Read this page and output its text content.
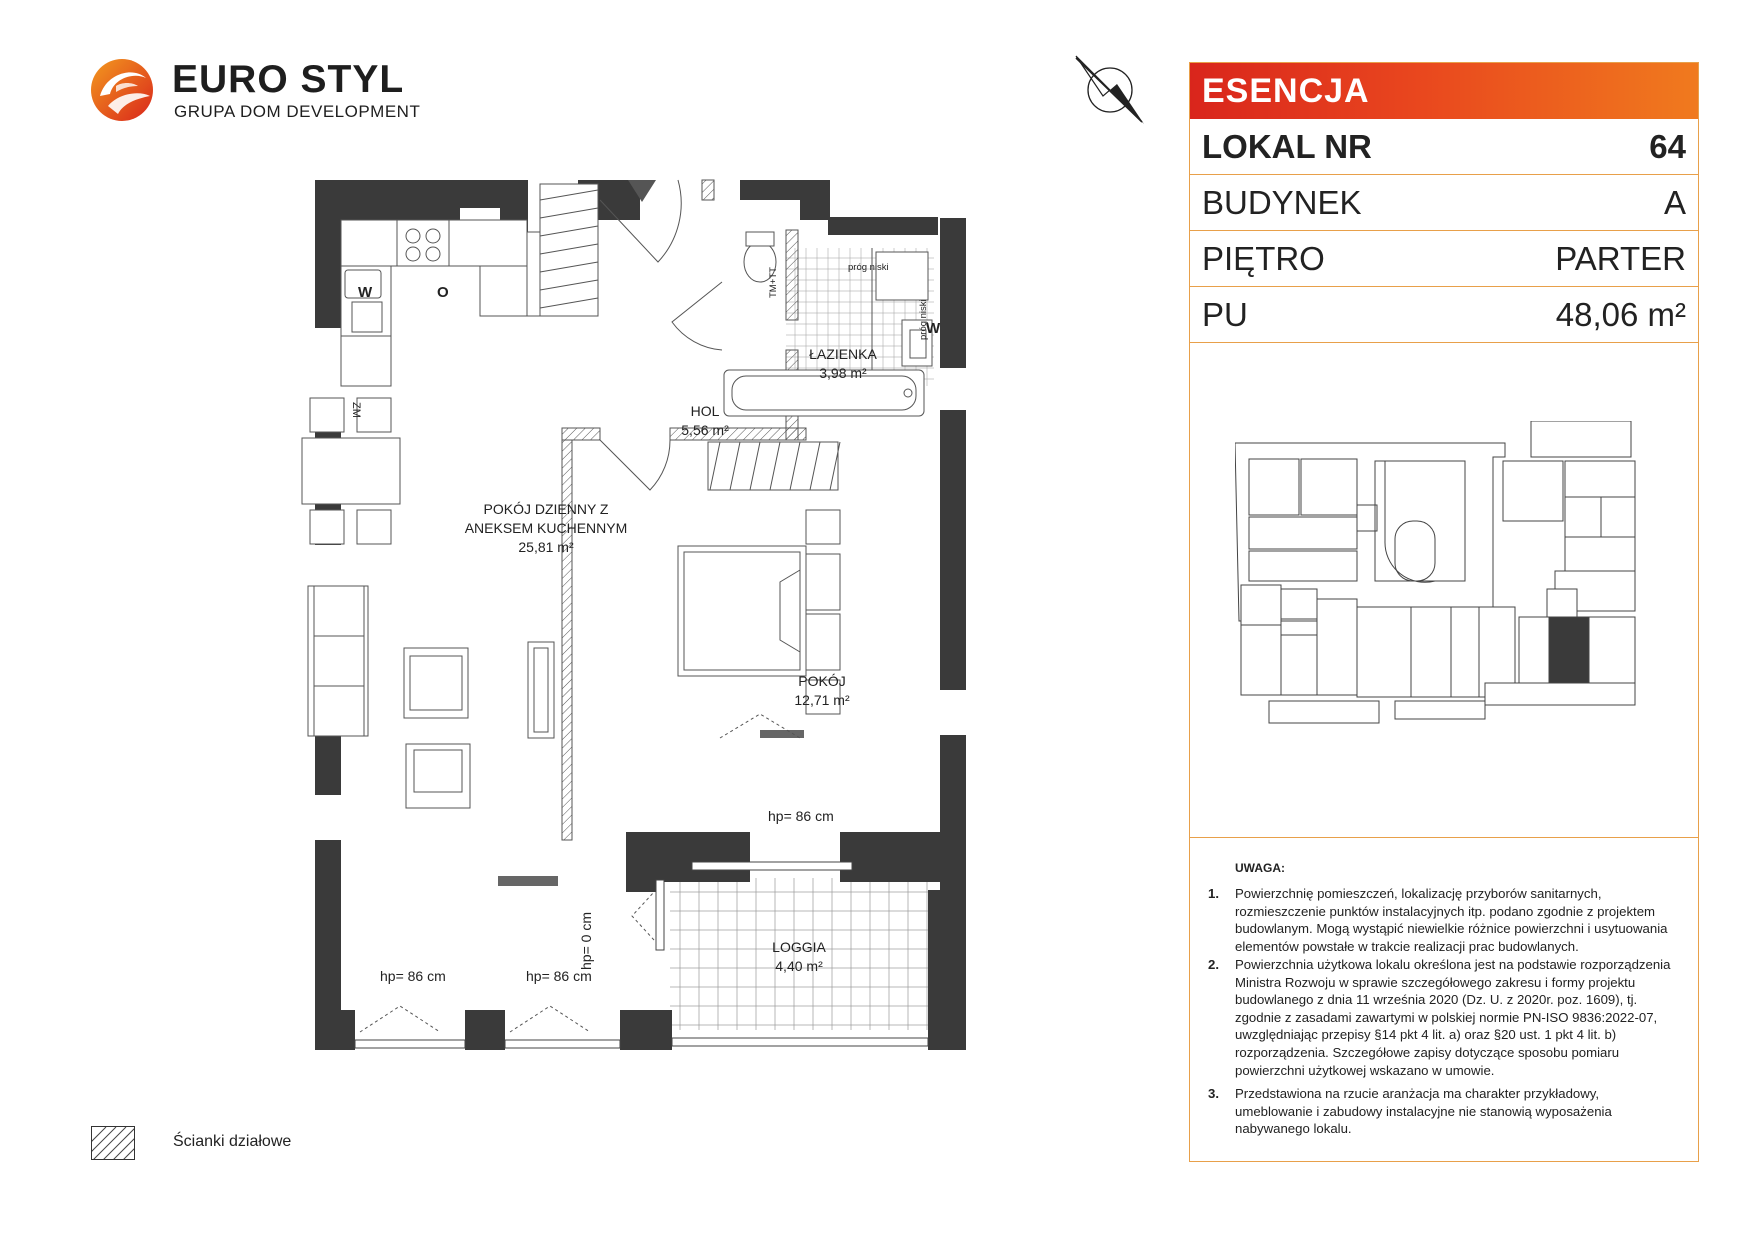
EURO STYL
GRUPA DOM DEVELOPMENT
POKÓJ DZIENNY Z
ANEKSEM KUCHENNYM
25,81 m²
HOL
5,56 m²
ŁAZIENKA
3,98 m²
POKÓJ
12,71 m²
LOGGIA
4,40 m²
hp= 86 cm
hp= 86 cm	hp= 86 cm
hp= 0 cm
W	O
W
ZM
TM+TT	próg niski
próg niski
ESENCJA
LOKAL NR	64
BUDYNEK	A
PIĘTRO	PARTER
PU	48,06 m²
UWAGA:
1. Powierzchnię pomieszczeń, lokalizację przyborów sanitarnych, rozmieszczenie punktów instalacyjnych itp. podano zgodnie z projektem budowlanym. Mogą wystąpić niewielkie różnice powierzchni i usytuowania elementów powstałe w trakcie realizacji prac budowlanych.
2. Powierzchnia użytkowa lokalu określona jest na podstawie rozporządzenia Ministra Rozwoju w sprawie szczegółowego zakresu i formy projektu budowlanego z dnia 11 września 2020 (Dz. U. z 2020r. poz. 1609), tj. zgodnie z zasadami zawartymi w polskiej normie PN-ISO 9836:2022-07, uwzględniając przepisy §14 pkt 4 lit. a) oraz §20 ust. 1 pkt 4 lit. b) rozporządzenia. Szczegółowe zapisy dotyczące sposobu pomiaru powierzchni użytkowej wskazano w umowie.
3. Przedstawiona na rzucie aranżacja ma charakter przykładowy, umeblowanie i zabudowy instalacyjne nie stanowią wyposażenia nabywanego lokalu.
Ścianki działowe
